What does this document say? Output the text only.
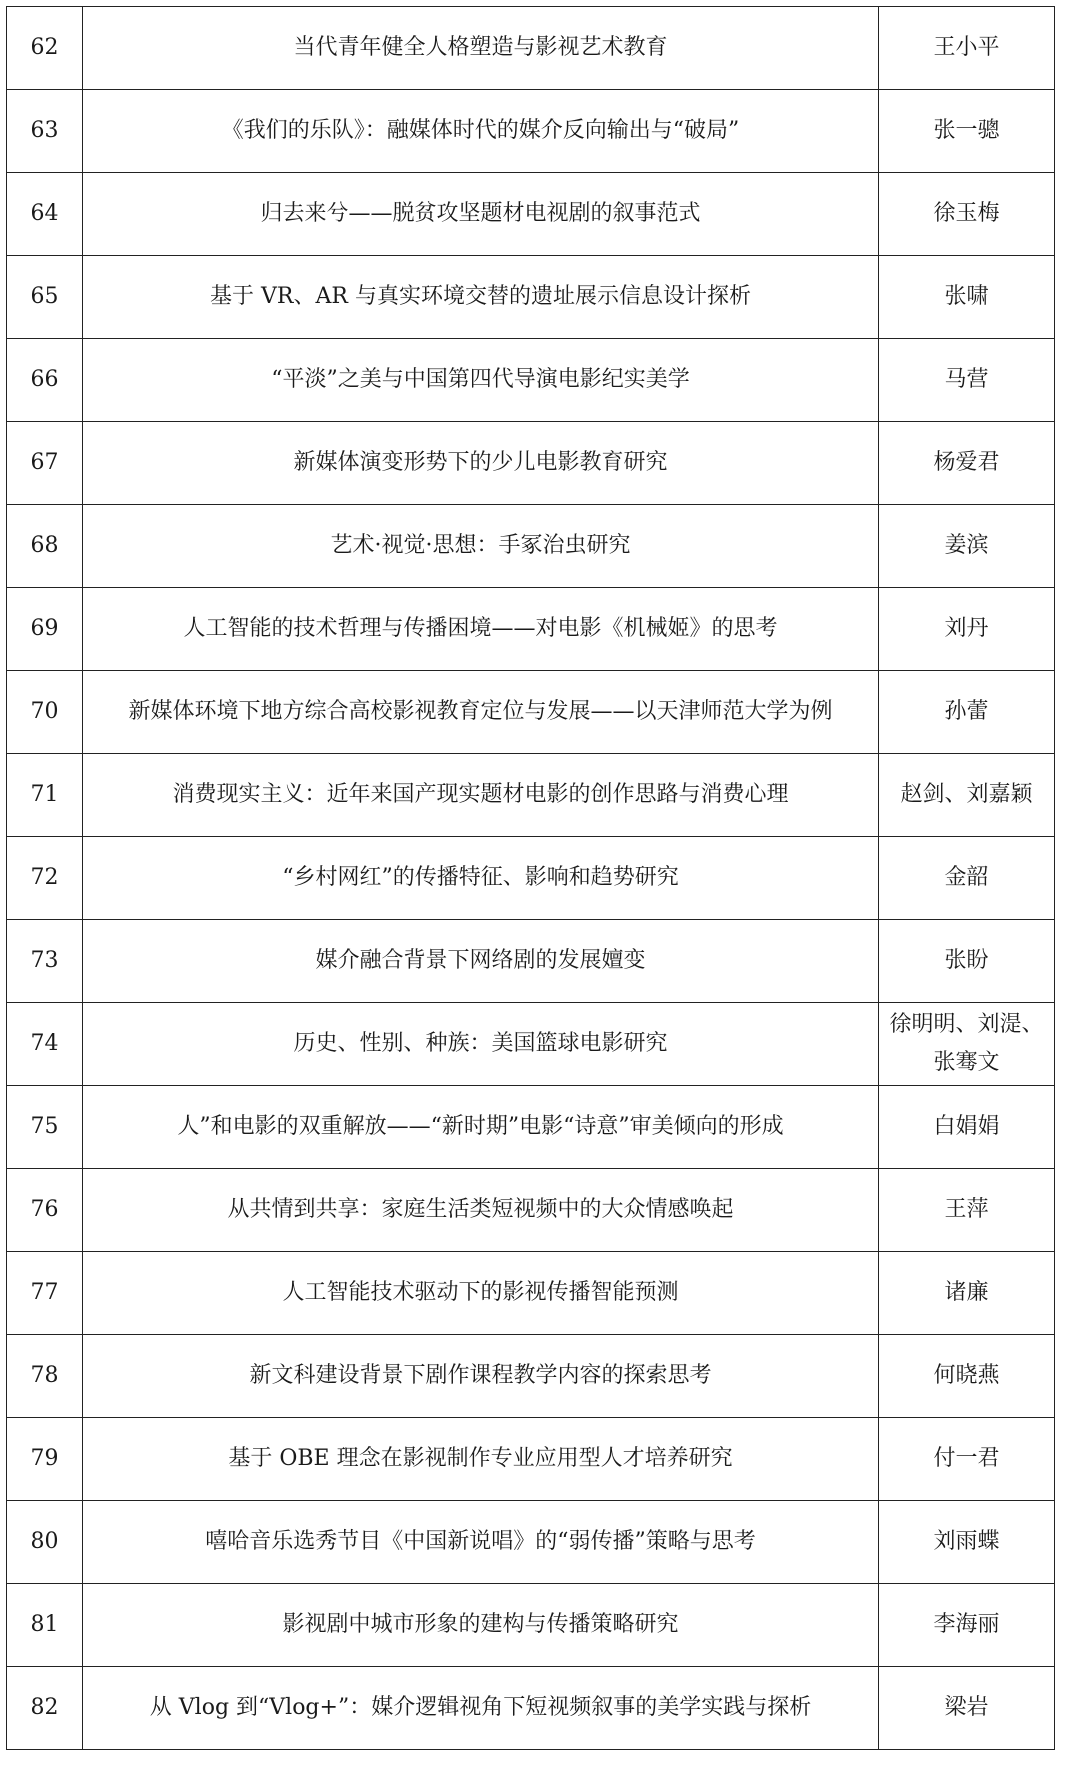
62	当代青年健全人格塑造与影视艺术教育	王小平
63	《我们的乐队》：融媒体时代的媒介反向输出与“破局”	张一骢
64	归去来兮——脱贫攻坚题材电视剧的叙事范式	徐玉梅
65	基于 VR、AR 与真实环境交替的遗址展示信息设计探析	张啸
66	“平淡”之美与中国第四代导演电影纪实美学	马营
67	新媒体演变形势下的少儿电影教育研究	杨爱君
68	艺术·视觉·思想：手冢治虫研究	姜滨
69	人工智能的技术哲理与传播困境——对电影《机械姬》的思考	刘丹
70	新媒体环境下地方综合高校影视教育定位与发展——以天津师范大学为例	孙蕾
71	消费现实主义：近年来国产现实题材电影的创作思路与消费心理	赵剑、刘嘉颖
72	“乡村网红”的传播特征、影响和趋势研究	金韶
73	媒介融合背景下网络剧的发展嬗变	张盼
74	历史、性别、种族：美国篮球电影研究	徐明明、刘湜、张骞文
75	人”和电影的双重解放——“新时期”电影“诗意”审美倾向的形成	白娟娟
76	从共情到共享：家庭生活类短视频中的大众情感唤起	王萍
77	人工智能技术驱动下的影视传播智能预测	诸廉
78	新文科建设背景下剧作课程教学内容的探索思考	何晓燕
79	基于 OBE 理念在影视制作专业应用型人才培养研究	付一君
80	嘻哈音乐选秀节目《中国新说唱》的“弱传播”策略与思考	刘雨蝶
81	影视剧中城市形象的建构与传播策略研究	李海丽
82	从 Vlog 到“Vlog+”：媒介逻辑视角下短视频叙事的美学实践与探析	梁岩
